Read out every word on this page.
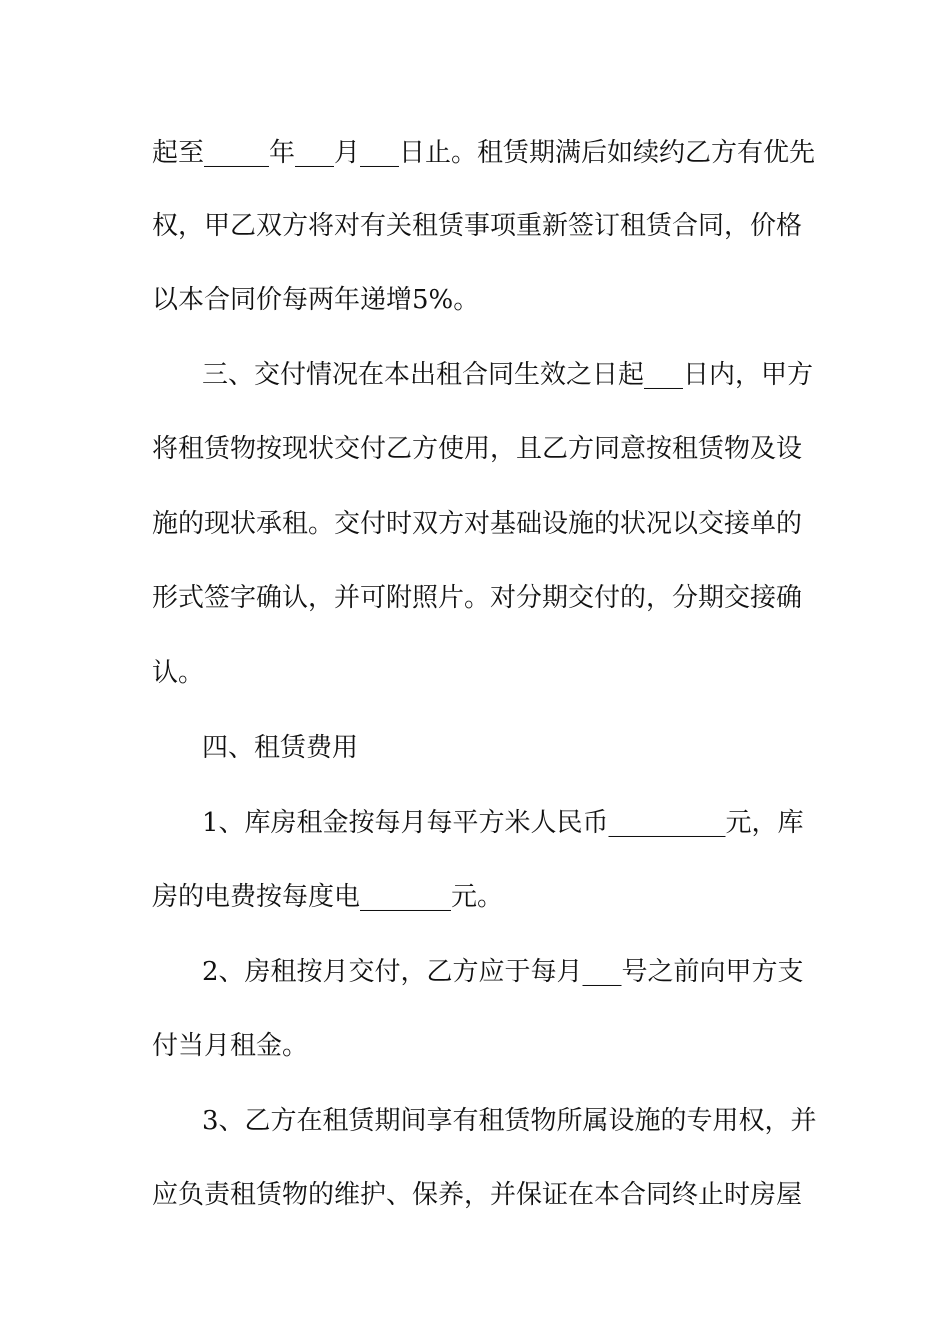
起至_____年___月___日止。租赁期满后如续约乙方有优先
权，甲乙双方将对有关租赁事项重新签订租赁合同，价格
以本合同价每两年递增5%。
三、交付情况在本出租合同生效之日起___日内，甲方
将租赁物按现状交付乙方使用，且乙方同意按租赁物及设
施的现状承租。交付时双方对基础设施的状况以交接单的
形式签字确认，并可附照片。对分期交付的，分期交接确
认。
四、租赁费用
1、库房租金按每月每平方米人民币_________元，库
房的电费按每度电_______元。
2、房租按月交付，乙方应于每月___号之前向甲方支
付当月租金。
3、乙方在租赁期间享有租赁物所属设施的专用权，并
应负责租赁物的维护、保养，并保证在本合同终止时房屋
